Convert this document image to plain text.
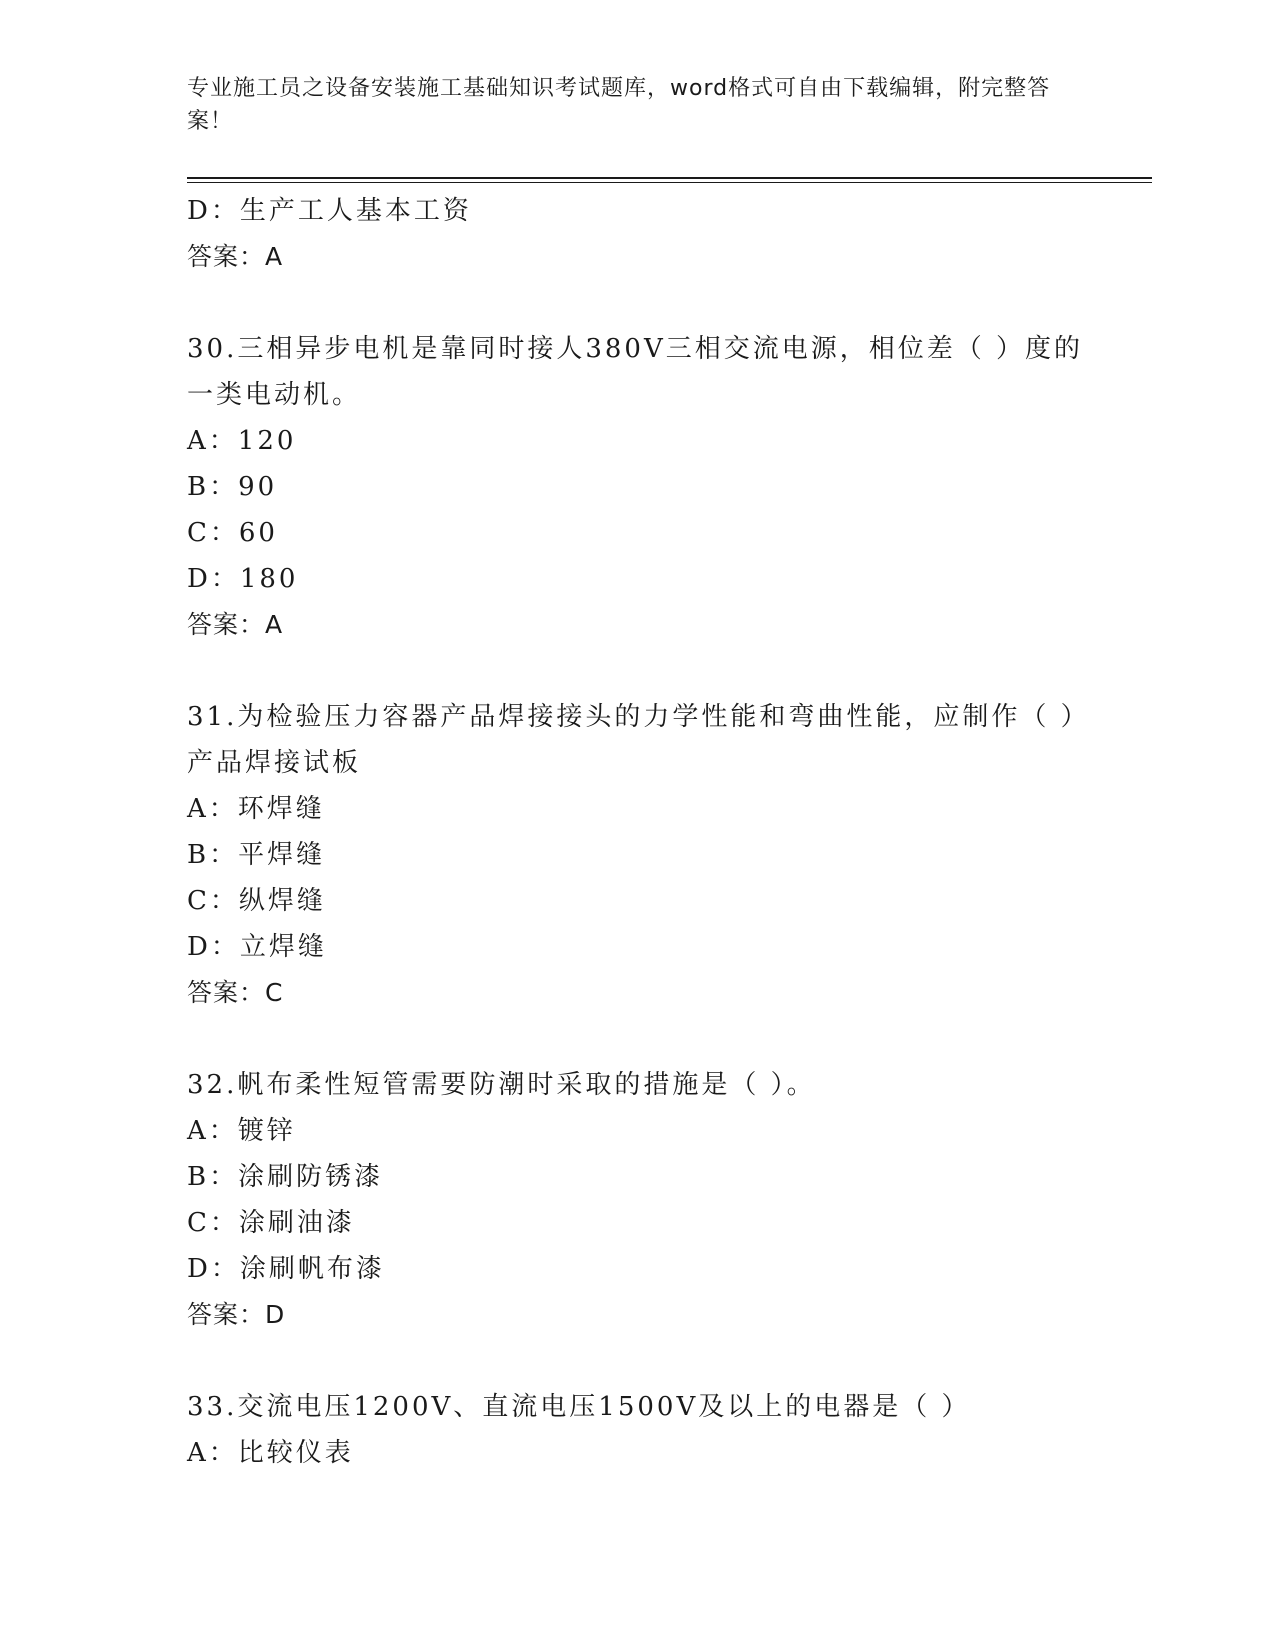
专业施工员之设备安装施工基础知识考试题库，word格式可自由下载编辑，附完整答案！
D：生产工人基本工资
答案：A
30.三相异步电机是靠同时接人380V三相交流电源，相位差（ ）度的一类电动机。
A：120
B：90
C：60
D：180
答案：A
31.为检验压力容器产品焊接接头的力学性能和弯曲性能，应制作（ ）产品焊接试板
A：环焊缝
B：平焊缝
C：纵焊缝
D：立焊缝
答案：C
32.帆布柔性短管需要防潮时采取的措施是（ ）。
A：镀锌
B：涂刷防锈漆
C：涂刷油漆
D：涂刷帆布漆
答案：D
33.交流电压1200V、直流电压1500V及以上的电器是（ ）
A：比较仪表
